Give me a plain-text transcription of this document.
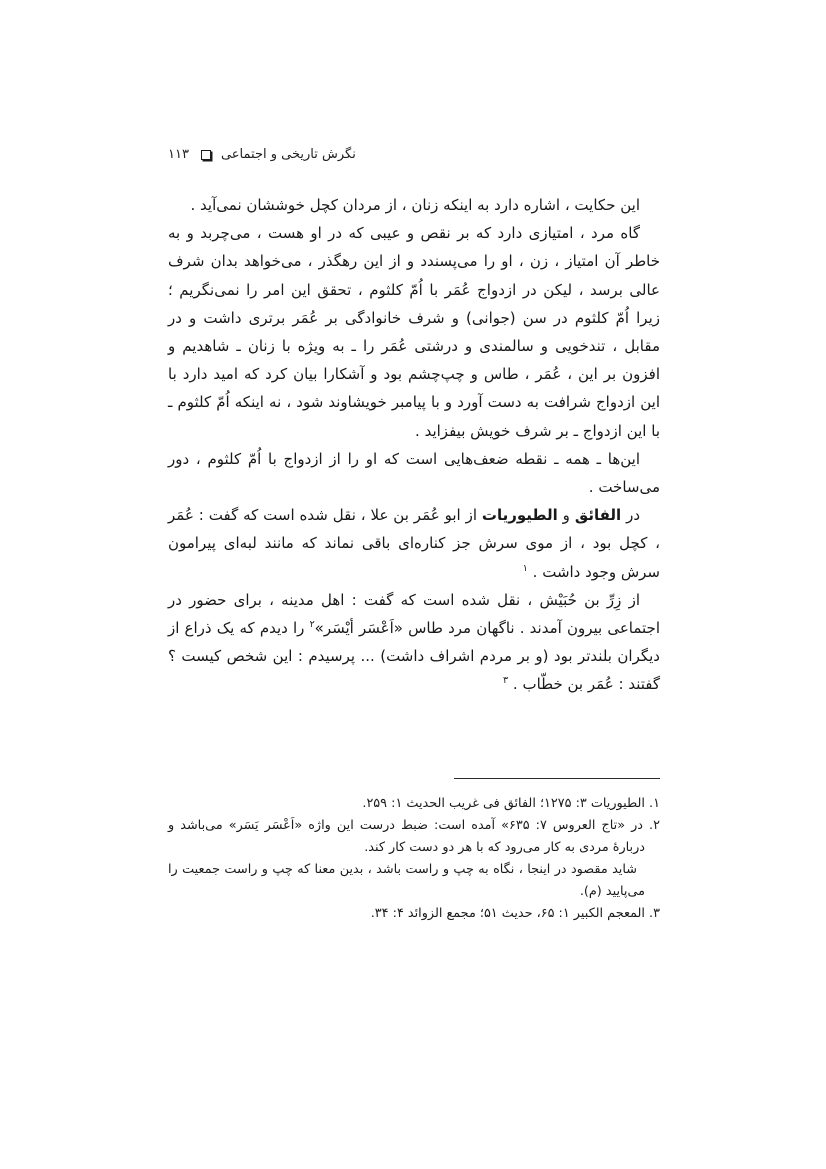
۱۱۳ نگرش تاریخی و اجتماعی

این حکایت ، اشاره دارد به اینکه زنان ، از مردان کچل خوششان نمی‌آید .

گاه مرد ، امتیازی دارد که بر نقص و عیبی که در او هست ، می‌چربد و به خاطر آن امتیاز ، زن ، او را می‌پسندد و از این رهگذر ، می‌خواهد بدان شرف عالی برسد ، لیکن در ازدواج عُمَر با اُمّ کلثوم ، تحقق این امر را نمی‌نگریم ؛ زیرا اُمّ کلثوم در سن (جوانی) و شرف خانوادگی بر عُمَر برتری داشت و در مقابل ، تندخویی و سالمندی و درشتی عُمَر را ـ به ویژه با زنان ـ شاهدیم و افزون بر این ، عُمَر ، طاس و چپ‌چشم بود و آشکارا بیان کرد که امید دارد با این ازدواج شرافت به دست آورد و با پیامبر خویشاوند شود ، نه اینکه اُمّ کلثوم ـ با این ازدواج ـ بر شرف خویش بیفزاید .

این‌ها ـ همه ـ نقطه ضعف‌هایی است که او را از ازدواج با اُمّ کلثوم ، دور می‌ساخت .

در الفائق و الطیوریات از ابو عُمَر بن علا ، نقل شده است که گفت : عُمَر ، کچل بود ، از موی سرش جز کناره‌ای باقی نماند که مانند لبه‌ای پیرامون سرش وجود داشت . $^۱$

از زِرِّ بن حُبَیْش ، نقل شده است که گفت : اهل مدینه ، برای حضور در اجتماعی بیرون آمدند . ناگهان مرد طاس «اَعْسَر أیْسَر»$^۲$ را دیدم که یک ذراع از دیگران بلندتر بود (و بر مردم اشراف داشت) ... پرسیدم : این شخص کیست ؟ گفتند : عُمَر بن خطّاب . $^۳$

۱. الطیوریات ۳: ۱۲۷۵؛ الفائق فی غریب الحدیث ۱: ۲۵۹.

۲. در «تاج العروس ۷: ۶۳۵» آمده است: ضبط درست این واژه «اَعْسَر یَسَر» می‌باشد و دربارهٔ مردی به کار می‌رود که با هر دو دست کار کند.

شاید مقصود در اینجا ، نگاه به چپ و راست باشد ، بدین معنا که چپ و راست جمعیت را می‌پایید (م).

۳. المعجم الکبیر ۱: ۶۵، حدیث ۵۱؛ مجمع الزوائد ۴: ۳۴.
